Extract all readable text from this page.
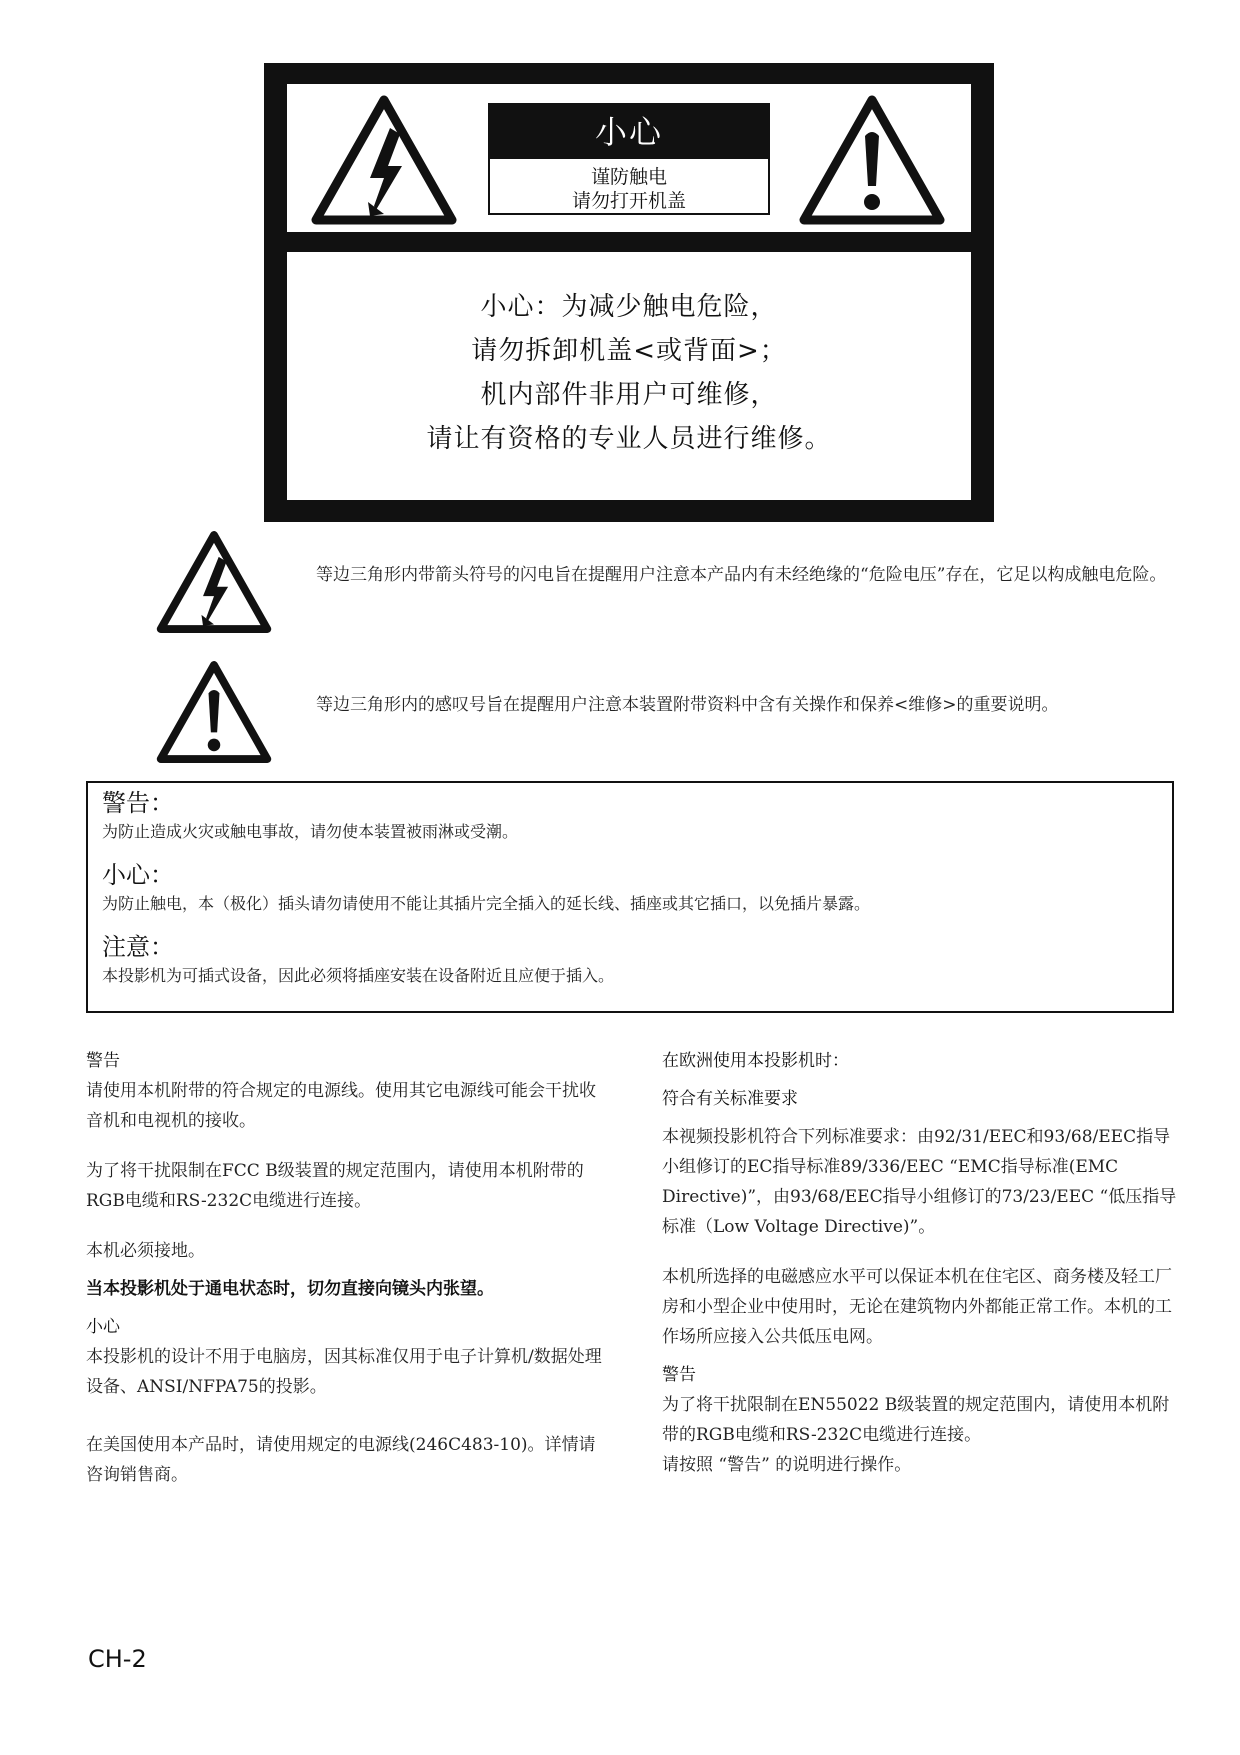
小心
谨防触电
请勿打开机盖
小心：为减少触电危险，
请勿拆卸机盖<或背面>；
机内部件非用户可维修，
请让有资格的专业人员进行维修。
等边三角形内带箭头符号的闪电旨在提醒用户注意本产品内有未经绝缘的“危险电压”存在，它足以构成触电危险。
等边三角形内的感叹号旨在提醒用户注意本装置附带资料中含有关操作和保养<维修>的重要说明。
警告：
为防止造成火灾或触电事故，请勿使本装置被雨淋或受潮。
小心：
为防止触电，本（极化）插头请勿请使用不能让其插片完全插入的延长线、插座或其它插口，以免插片暴露。
注意：
本投影机为可插式设备，因此必须将插座安装在设备附近且应便于插入。

警告

请使用本机附带的符合规定的电源线。使用其它电源线可能会干扰收音机和电视机的接收。

为了将干扰限制在FCC B级装置的规定范围内，请使用本机附带的RGB电缆和RS-232C电缆进行连接。

本机必须接地。

当本投影机处于通电状态时，切勿直接向镜头内张望。

小心

本投影机的设计不用于电脑房，因其标准仅用于电子计算机/数据处理设备、ANSI/NFPA75的投影。

在美国使用本产品时，请使用规定的电源线(246C483-10)。详情请咨询销售商。

在欧洲使用本投影机时：

符合有关标准要求

本视频投影机符合下列标准要求：由92/31/EEC和93/68/EEC指导小组修订的EC指导标准89/336/EEC “EMC指导标准(EMC Directive)”，由93/68/EEC指导小组修订的73/23/EEC “低压指导标准（Low Voltage Directive)”。

本机所选择的电磁感应水平可以保证本机在住宅区、商务楼及轻工厂房和小型企业中使用时，无论在建筑物内外都能正常工作。本机的工作场所应接入公共低压电网。

警告

为了将干扰限制在EN55022 B级装置的规定范围内，请使用本机附带的RGB电缆和RS-232C电缆进行连接。

请按照 “警告” 的说明进行操作。

CH-2
